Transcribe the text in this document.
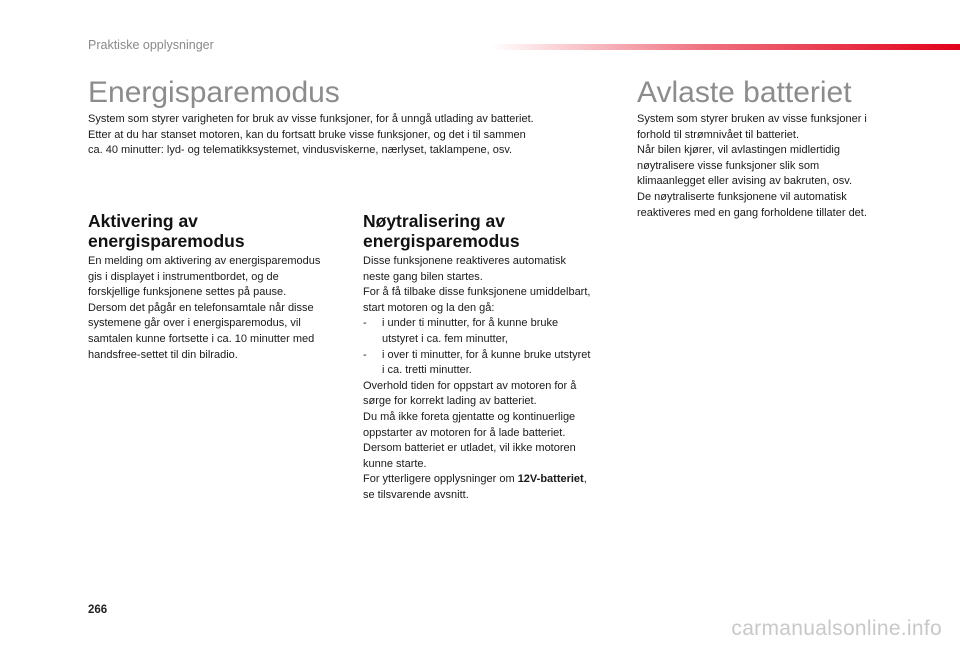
Praktiske opplysninger
Energisparemodus

System som styrer varigheten for bruk av visse funksjoner, for å unngå utlading av batteriet.

Etter at du har stanset motoren, kan du fortsatt bruke visse funksjoner, og det i til sammen

ca. 40 minutter: lyd- og telematikksystemet, vindusviskerne, nærlyset, taklampene, osv.

Aktivering av
energisparemodus

En melding om aktivering av energisparemodus

gis i displayet i instrumentbordet, og de

forskjellige funksjonene settes på pause.

Dersom det pågår en telefonsamtale når disse

systemene går over i energisparemodus, vil

samtalen kunne fortsette i ca. 10 minutter med

handsfree-settet til din bilradio.

Nøytralisering av
energisparemodus

Disse funksjonene reaktiveres automatisk

neste gang bilen startes.

For å få tilbake disse funksjonene umiddelbart,

start motoren og la den gå:

- i under ti minutter, for å kunne bruke

utstyret i ca. fem minutter,

- i over ti minutter, for å kunne bruke utstyret

i ca. tretti minutter.

Overhold tiden for oppstart av motoren for å

sørge for korrekt lading av batteriet.

Du må ikke foreta gjentatte og kontinuerlige

oppstarter av motoren for å lade batteriet.

Dersom batteriet er utladet, vil ikke motoren

kunne starte.

For ytterligere opplysninger om 12V-batteriet,

se tilsvarende avsnitt.

Avlaste batteriet

System som styrer bruken av visse funksjoner i

forhold til strømnivået til batteriet.

Når bilen kjører, vil avlastingen midlertidig

nøytralisere visse funksjoner slik som

klimaanlegget eller avising av bakruten, osv.

De nøytraliserte funksjonene vil automatisk

reaktiveres med en gang forholdene tillater det.

266
carmanualsonline.info
